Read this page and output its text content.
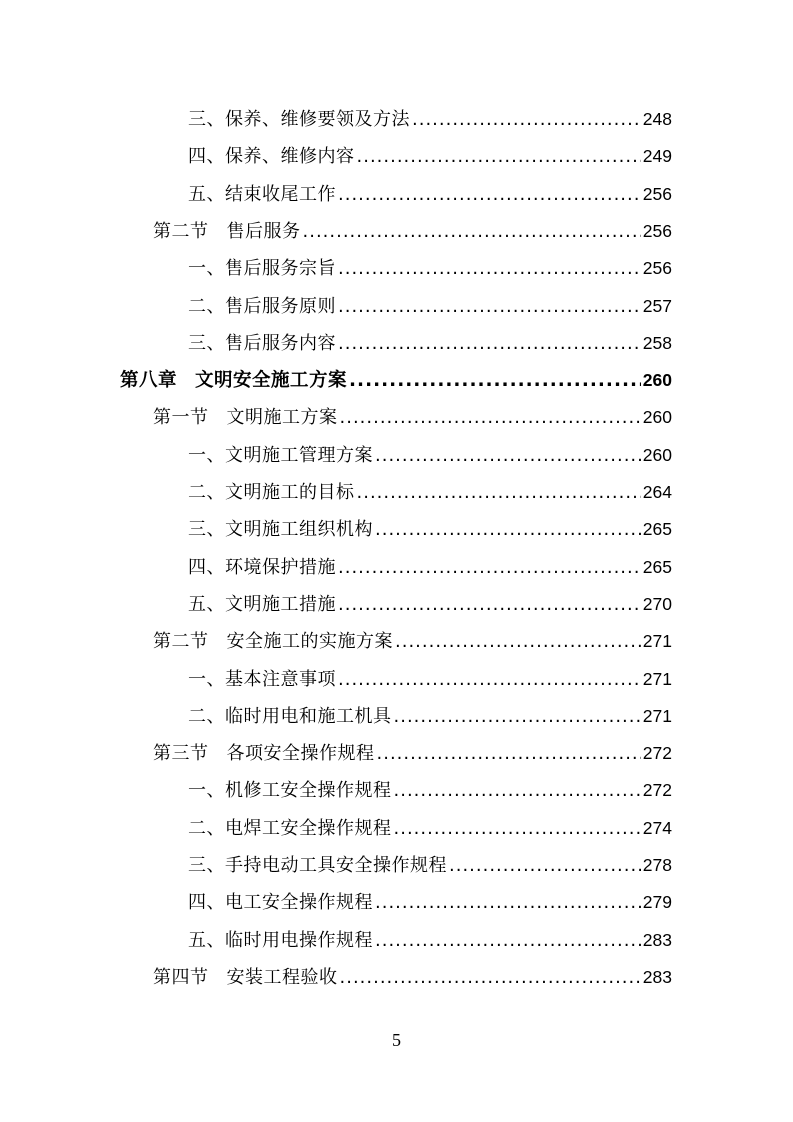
三、保养、维修要领及方法 .....	248
四、保养、维修内容 .....	249
五、结束收尾工作 .....	256
第二节 售后服务 .....	256
一、售后服务宗旨 .....	256
二、售后服务原则 .....	257
三、售后服务内容 .....	258
第八章 文明安全施工方案 .....	260
第一节 文明施工方案 .....	260
一、文明施工管理方案 .....	260
二、文明施工的目标 .....	264
三、文明施工组织机构 .....	265
四、环境保护措施 .....	265
五、文明施工措施 .....	270
第二节 安全施工的实施方案 .....	271
一、基本注意事项 .....	271
二、临时用电和施工机具 .....	271
第三节 各项安全操作规程 .....	272
一、机修工安全操作规程 .....	272
二、电焊工安全操作规程 .....	274
三、手持电动工具安全操作规程 .....	278
四、电工安全操作规程 .....	279
五、临时用电操作规程 .....	283
第四节 安装工程验收 .....	283
5
